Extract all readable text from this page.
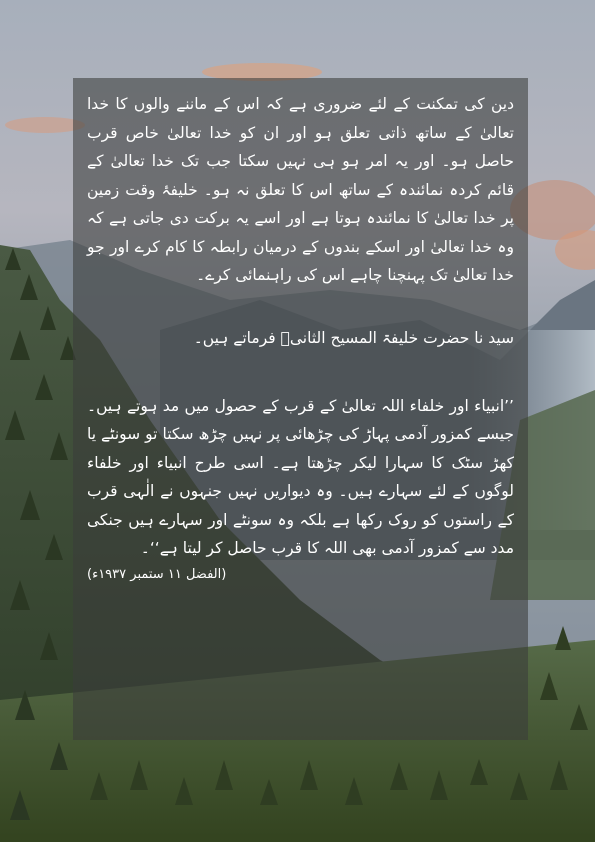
دین کی تمکنت کے لئے ضروری ہے کہ اس کے ماننے والوں کا خدا تعالیٰ کے ساتھ ذاتی تعلق ہو اور ان کو خدا تعالیٰ خاص قرب حاصل ہو۔ اور یہ امر ہو ہی نہیں سکتا جب تک خدا تعالیٰ کے قائم کردہ نمائندہ کے ساتھ اس کا تعلق نہ ہو۔ خلیفۂ وقت زمین پر خدا تعالیٰ کا نمائندہ ہوتا ہے اور اسے یہ برکت دی جاتی ہے کہ وہ خدا تعالیٰ اور اسکے بندوں کے درمیان رابطہ کا کام کرے اور جو خدا تعالیٰ تک پہنچنا چاہے اس کی راہنمائی کرے۔

سید نا حضرت خلیفۃ المسیح الثانیؓ فرماتے ہیں۔

’’انبیاء اور خلفاء اللہ تعالیٰ کے قرب کے حصول میں مد ہوتے ہیں۔ جیسے کمزور آدمی پہاڑ کی چڑھائی پر نہیں چڑھ سکتا تو سونٹے یا کھڑ سٹک کا سہارا لیکر چڑھتا ہے۔ اسی طرح انبیاء اور خلفاء لوگوں کے لئے سہارے ہیں۔ وہ دیواریں نہیں جنہوں نے الٰہی قرب کے راستوں کو روک رکھا ہے بلکہ وہ سونٹے اور سہارے ہیں جنکی مدد سے کمزور آدمی بھی اللہ کا قرب حاصل کر لیتا ہے‘‘۔

(الفضل ۱۱ ستمبر ۱۹۳۷ء)
